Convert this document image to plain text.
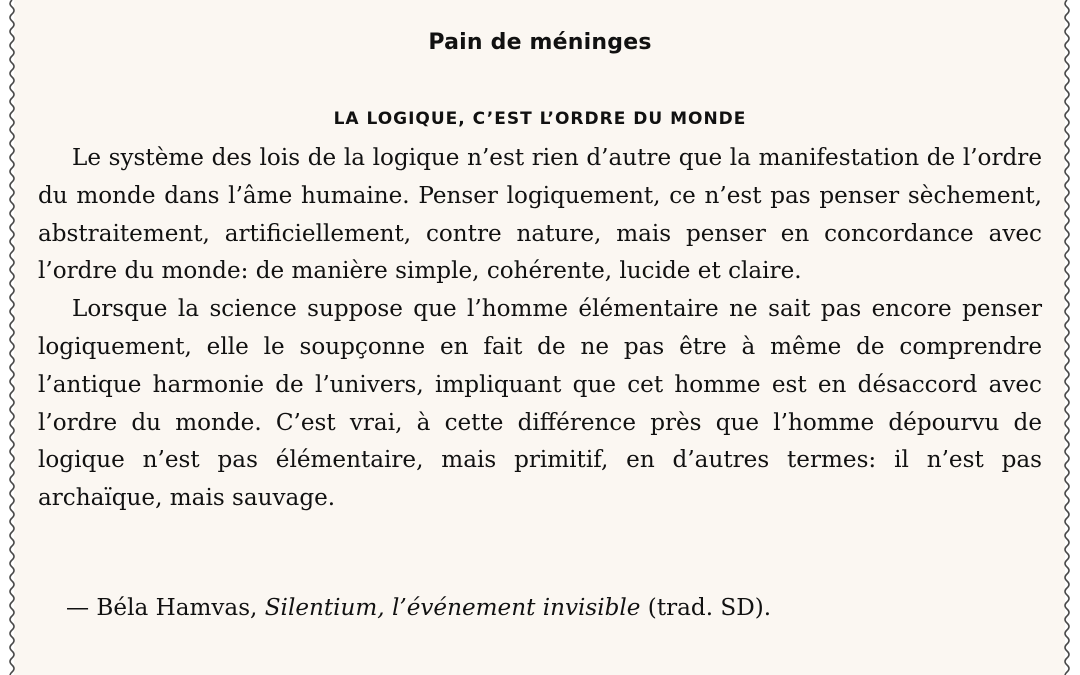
Pain de méninges
LA LOGIQUE, C’EST L’ORDRE DU MONDE

Le système des lois de la logique n’est rien d’autre que la manifestation de l’ordre du monde dans l’âme humaine. Penser logiquement, ce n’est pas penser sèchement, abstraitement, artificiellement, contre nature, mais penser en concordance avec l’ordre du monde: de manière simple, cohérente, lucide et claire.

Lorsque la science suppose que l’homme élémentaire ne sait pas encore penser logiquement, elle le soupçonne en fait de ne pas être à même de comprendre l’antique harmonie de l’univers, impliquant que cet homme est en désaccord avec l’ordre du monde. C’est vrai, à cette différence près que l’homme dépourvu de logique n’est pas élémentaire, mais primitif, en d’autres termes: il n’est pas archaïque, mais sauvage.

— Béla Hamvas, Silentium, l’événement invisible (trad. SD).
